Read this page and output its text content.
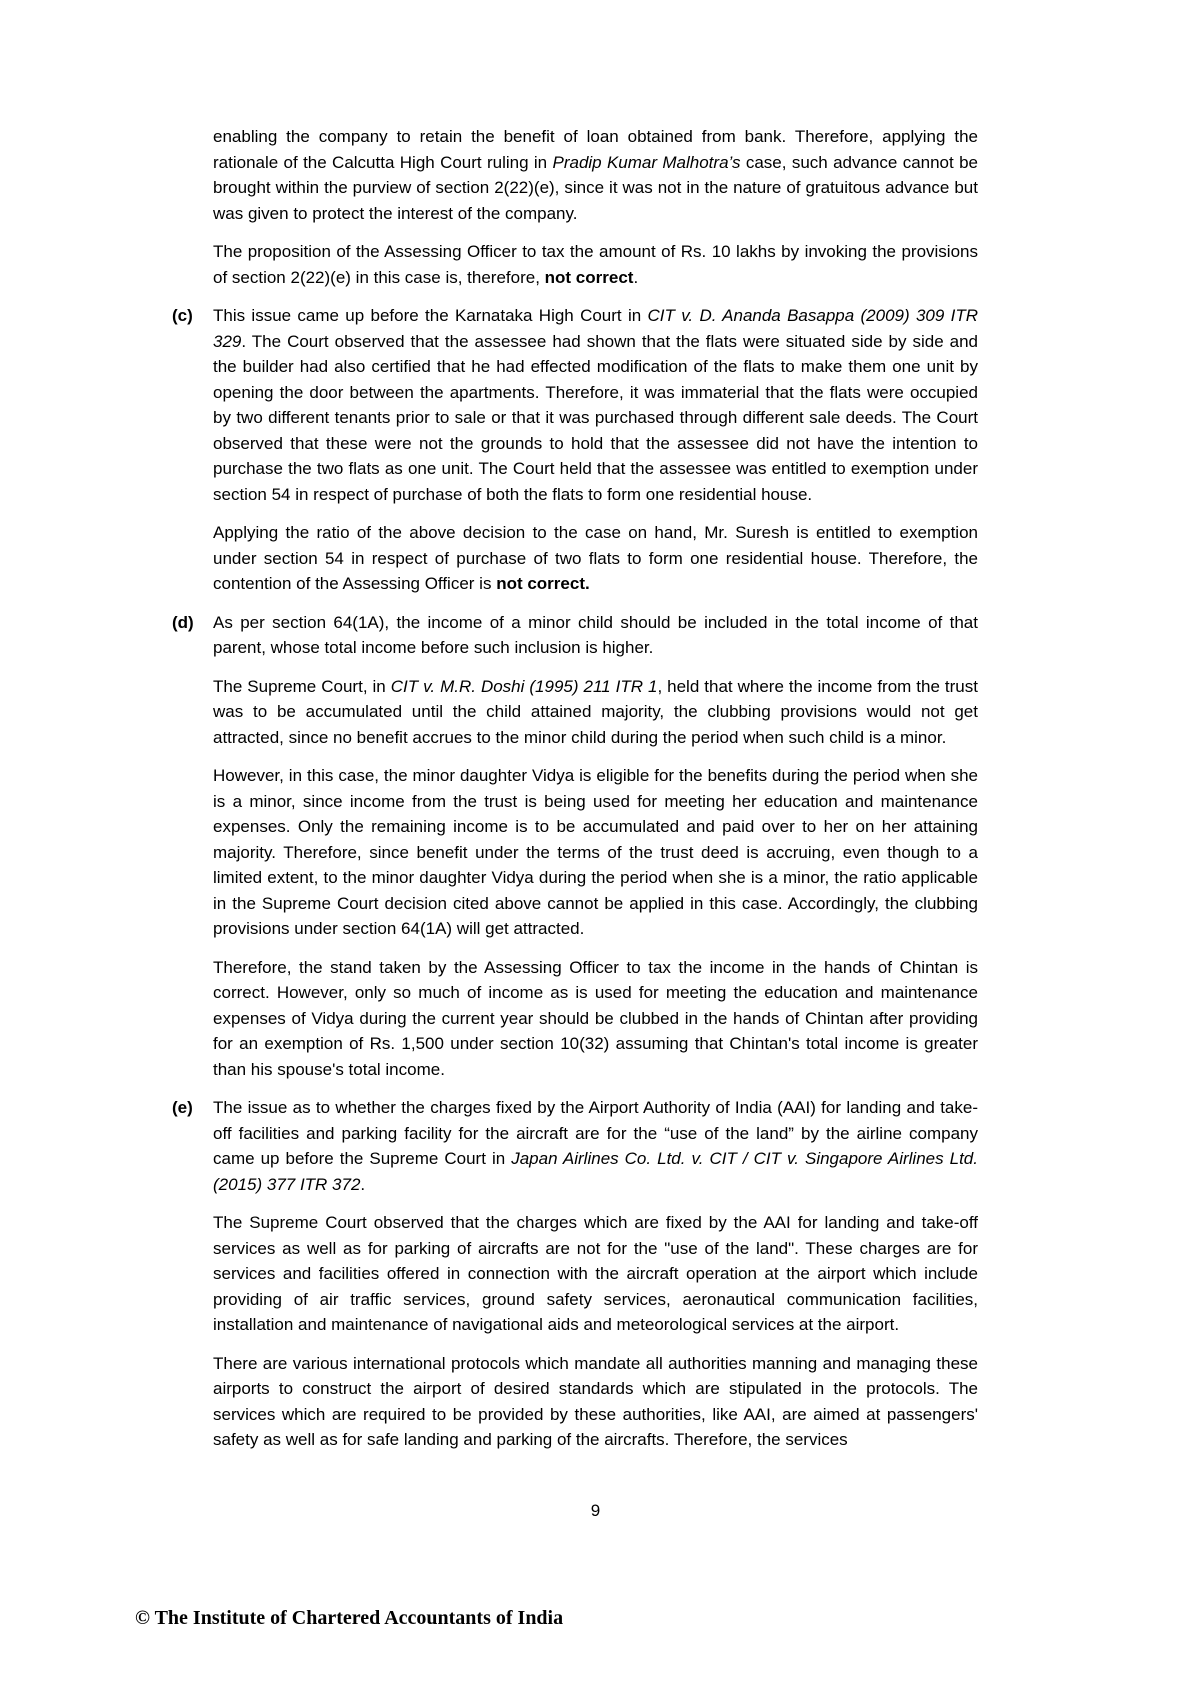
enabling the company to retain the benefit of loan obtained from bank. Therefore, applying the rationale of the Calcutta High Court ruling in Pradip Kumar Malhotra’s case, such advance cannot be brought within the purview of section 2(22)(e), since it was not in the nature of gratuitous advance but was given to protect the interest of the company.

The proposition of the Assessing Officer to tax the amount of Rs. 10 lakhs by invoking the provisions of section 2(22)(e) in this case is, therefore, not correct.

(c)	This issue came up before the Karnataka High Court in CIT v. D. Ananda Basappa (2009) 309 ITR 329. The Court observed that the assessee had shown that the flats were situated side by side and the builder had also certified that he had effected modification of the flats to make them one unit by opening the door between the apartments. Therefore, it was immaterial that the flats were occupied by two different tenants prior to sale or that it was purchased through different sale deeds. The Court observed that these were not the grounds to hold that the assessee did not have the intention to purchase the two flats as one unit. The Court held that the assessee was entitled to exemption under section 54 in respect of purchase of both the flats to form one residential house.

Applying the ratio of the above decision to the case on hand, Mr. Suresh is entitled to exemption under section 54 in respect of purchase of two flats to form one residential house. Therefore, the contention of the Assessing Officer is not correct.

(d)	As per section 64(1A), the income of a minor child should be included in the total income of that parent, whose total income before such inclusion is higher.

The Supreme Court, in CIT v. M.R. Doshi (1995) 211 ITR 1, held that where the income from the trust was to be accumulated until the child attained majority, the clubbing provisions would not get attracted, since no benefit accrues to the minor child during the period when such child is a minor.

However, in this case, the minor daughter Vidya is eligible for the benefits during the period when she is a minor, since income from the trust is being used for meeting her education and maintenance expenses. Only the remaining income is to be accumulated and paid over to her on her attaining majority. Therefore, since benefit under the terms of the trust deed is accruing, even though to a limited extent, to the minor daughter Vidya during the period when she is a minor, the ratio applicable in the Supreme Court decision cited above cannot be applied in this case. Accordingly, the clubbing provisions under section 64(1A) will get attracted.

Therefore, the stand taken by the Assessing Officer to tax the income in the hands of Chintan is correct. However, only so much of income as is used for meeting the education and maintenance expenses of Vidya during the current year should be clubbed in the hands of Chintan after providing for an exemption of Rs. 1,500 under section 10(32) assuming that Chintan's total income is greater than his spouse's total income.

(e)	The issue as to whether the charges fixed by the Airport Authority of India (AAI) for landing and take-off facilities and parking facility for the aircraft are for the “use of the land” by the airline company came up before the Supreme Court in Japan Airlines Co. Ltd. v. CIT / CIT v. Singapore Airlines Ltd. (2015) 377 ITR 372.

The Supreme Court observed that the charges which are fixed by the AAI for landing and take-off services as well as for parking of aircrafts are not for the "use of the land". These charges are for services and facilities offered in connection with the aircraft operation at the airport which include providing of air traffic services, ground safety services, aeronautical communication facilities, installation and maintenance of navigational aids and meteorological services at the airport.

There are various international protocols which mandate all authorities manning and managing these airports to construct the airport of desired standards which are stipulated in the protocols. The services which are required to be provided by these authorities, like AAI, are aimed at passengers' safety as well as for safe landing and parking of the aircrafts. Therefore, the services

9
© The Institute of Chartered Accountants of India
